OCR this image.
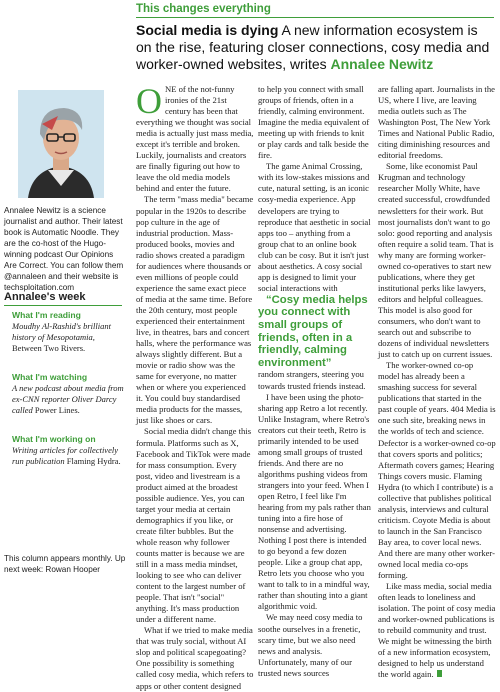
This changes everything
Social media is dying A new information ecosystem is on the rise, featuring closer connections, cosy media and worker-owned websites, writes Annalee Newitz
Annalee Newitz is a science journalist and author. Their latest book is Automatic Noodle. They are the co-host of the Hugo-winning podcast Our Opinions Are Correct. You can follow them @annaleen and their website is techsploitation.com
Annalee's week
What I'm reading
Moudhy Al-Rashid's brilliant history of Mesopotamia, Between Two Rivers.
What I'm watching
A new podcast about media from ex-CNN reporter Oliver Darcy called Power Lines.
What I'm working on
Writing articles for collectively run publication Flaming Hydra.
This column appears monthly. Up next week: Rowan Hooper

ONE of the not-funny ironies of the 21st century has been that everything we thought was social media is actually just mass media, except it's terrible and broken. Luckily, journalists and creators are finally figuring out how to leave the old media models behind and enter the future.

The term "mass media" became popular in the 1920s to describe pop culture in the age of industrial production. Mass-produced books, movies and radio shows created a paradigm for audiences where thousands or even millions of people could experience the same exact piece of media at the same time. Before the 20th century, most people experienced their entertainment live, in theatres, bars and concert halls, where the performance was always slightly different. But a movie or radio show was the same for everyone, no matter when or where you experienced it. You could buy standardised media products for the masses, just like shoes or cars.

Social media didn't change this formula. Platforms such as X, Facebook and TikTok were made for mass consumption. Every post, video and livestream is a product aimed at the broadest possible audience. Yes, you can target your media at certain demographics if you like, or create filter bubbles. But the whole reason why follower counts matter is because we are still in a mass media mindset, looking to see who can deliver content to the largest number of people. That isn't "social" anything. It's mass production under a different name.

What if we tried to make media that was truly social, without AI slop and political scapegoating? One possibility is something called cosy media, which refers to apps or other content designed

to help you connect with small groups of friends, often in a friendly, calming environment. Imagine the media equivalent of meeting up with friends to knit or play cards and talk beside the fire.

The game Animal Crossing, with its low-stakes missions and cute, natural setting, is an iconic cosy-media experience. App developers are trying to reproduce that aesthetic in social apps too – anything from a group chat to an online book club can be cosy. But it isn't just about aesthetics. A cosy social app is designed to limit your social interactions with

“Cosy media helps you connect with small groups of friends, often in a friendly, calming environment”

random strangers, steering you towards trusted friends instead.

I have been using the photo-sharing app Retro a lot recently. Unlike Instagram, where Retro's creators cut their teeth, Retro is primarily intended to be used among small groups of trusted friends. And there are no algorithms pushing videos from strangers into your feed. When I open Retro, I feel like I'm hearing from my pals rather than tuning into a fire hose of nonsense and advertising. Nothing I post there is intended to go beyond a few dozen people. Like a group chat app, Retro lets you choose who you want to talk to in a mindful way, rather than shouting into a giant algorithmic void.

We may need cosy media to soothe ourselves in a frenetic, scary time, but we also need news and analysis. Unfortunately, many of our trusted news sources

are falling apart. Journalists in the US, where I live, are leaving media outlets such as The Washington Post, The New York Times and National Public Radio, citing diminishing resources and editorial freedoms.

Some, like economist Paul Krugman and technology researcher Molly White, have created successful, crowdfunded newsletters for their work. But most journalists don't want to go solo: good reporting and analysis often require a solid team. That is why many are forming worker-owned co-operatives to start new publications, where they get institutional perks like lawyers, editors and helpful colleagues. This model is also good for consumers, who don't want to search out and subscribe to dozens of individual newsletters just to catch up on current issues.

The worker-owned co-op model has already been a smashing success for several publications that started in the past couple of years. 404 Media is one such site, breaking news in the worlds of tech and science. Defector is a worker-owned co-op that covers sports and politics; Aftermath covers games; Hearing Things covers music. Flaming Hydra (to which I contribute) is a collective that publishes political analysis, interviews and cultural criticism. Coyote Media is about to launch in the San Francisco Bay area, to cover local news. And there are many other worker-owned local media co-ops forming.

Like mass media, social media often leads to loneliness and isolation. The point of cosy media and worker-owned publications is to rebuild community and trust. We might be witnessing the birth of a new information ecosystem, designed to help us understand the world again.
